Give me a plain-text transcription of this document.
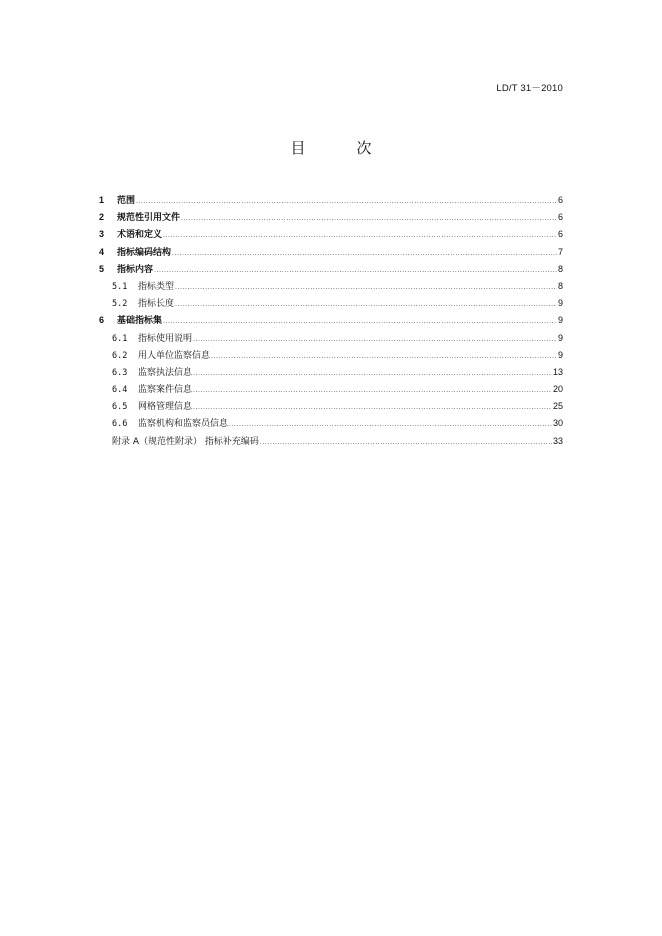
LD/T 31－2010
目　次
1	范围 .....	6
2	规范性引用文件 .....	6
3	术语和定义 .....	6
4	指标编码结构 .....	7
5	指标内容 .....	8
5.1	指标类型 .....	8
5.2	指标长度 .....	9
6	基础指标集 .....	9
6.1	指标使用说明 .....	9
6.2	用人单位监察信息 .....	9
6.3	监察执法信息 .....	13
6.4	监察案件信息 .....	20
6.5	网格管理信息 .....	25
6.6	监察机构和监察员信息 .....	30
附录 A（规范性附录） 指标补充编码 .....	33
